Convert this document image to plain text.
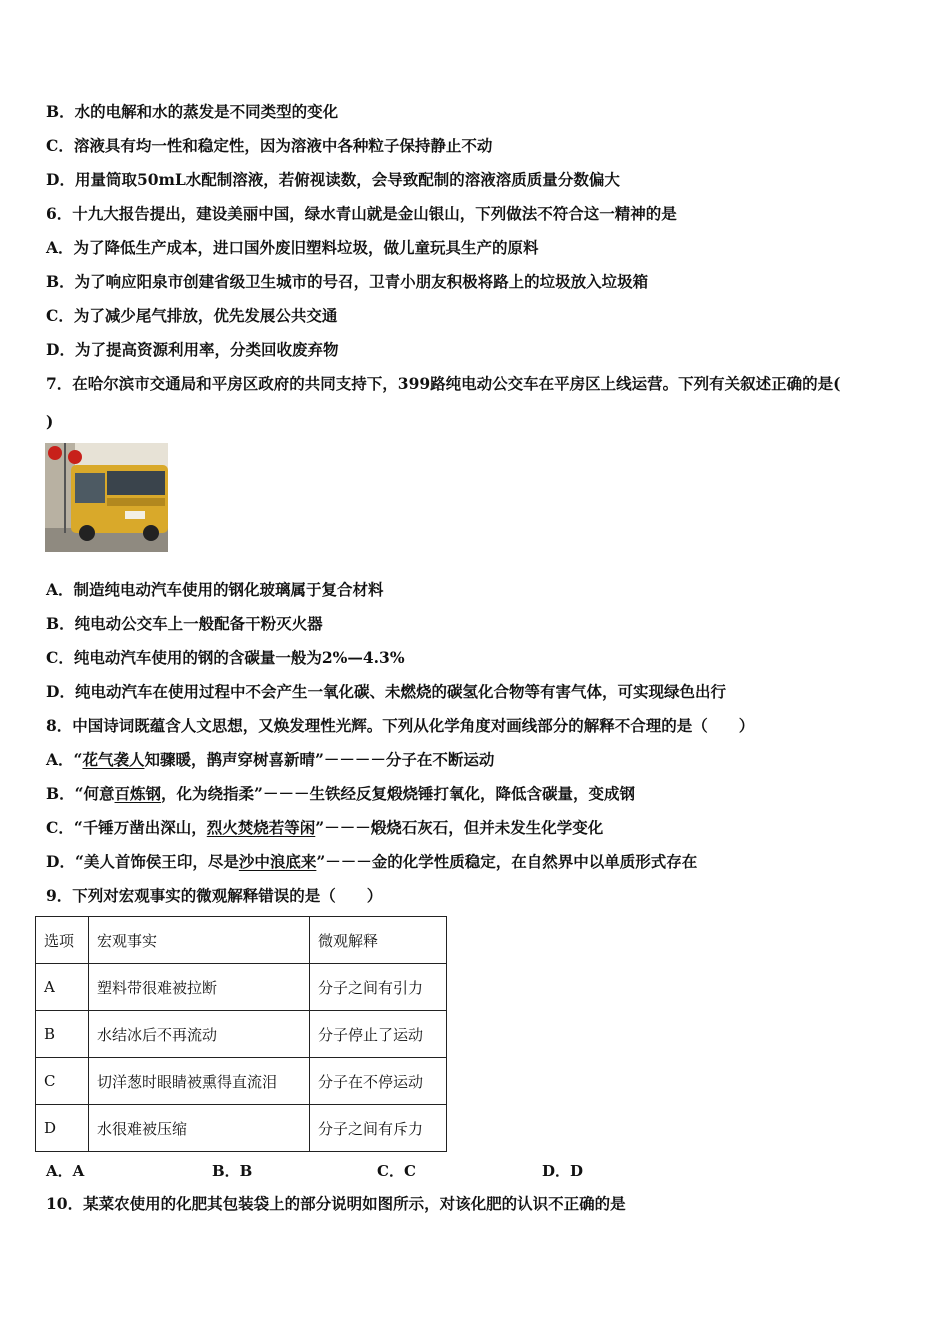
B．水的电解和水的蒸发是不同类型的变化
C．溶液具有均一性和稳定性，因为溶液中各种粒子保持静止不动
D．用量筒取50mL水配制溶液，若俯视读数，会导致配制的溶液溶质质量分数偏大
6．十九大报告提出，建设美丽中国，绿水青山就是金山银山，下列做法不符合这一精神的是
A．为了降低生产成本，进口国外废旧塑料垃圾，做儿童玩具生产的原料
B．为了响应阳泉市创建省级卫生城市的号召，卫青小朋友积极将路上的垃圾放入垃圾箱
C．为了减少尾气排放，优先发展公共交通
D．为了提高资源利用率，分类回收废弃物
7．在哈尔滨市交通局和平房区政府的共同支持下，399路纯电动公交车在平房区上线运营。下列有关叙述正确的是(
)
A．制造纯电动汽车使用的钢化玻璃属于复合材料
B．纯电动公交车上一般配备干粉灭火器
C．纯电动汽车使用的钢的含碳量一般为2%—4.3%
D．纯电动汽车在使用过程中不会产生一氧化碳、未燃烧的碳氢化合物等有害气体，可实现绿色出行
8．中国诗词既蕴含人文思想，又焕发理性光辉。下列从化学角度对画线部分的解释不合理的是（　　）
A．“花气袭人知骤暖，鹊声穿树喜新晴”－－－－分子在不断运动
B．“何意百炼钢，化为绕指柔”－－－生铁经反复煅烧锤打氧化，降低含碳量，变成钢
C．“千锤万凿出深山，烈火焚烧若等闲”－－－煅烧石灰石，但并未发生化学变化
D．“美人首饰侯王印，尽是沙中浪底来”－－－金的化学性质稳定，在自然界中以单质形式存在
9．下列对宏观事实的微观解释错误的是（　　）
选项	宏观事实	微观解释
A	塑料带很难被拉断	分子之间有引力
B	水结冰后不再流动	分子停止了运动
C	切洋葱时眼睛被熏得直流泪	分子在不停运动
D	水很难被压缩	分子之间有斥力
A．A	B．B	C．C	D．D
10．某菜农使用的化肥其包装袋上的部分说明如图所示，对该化肥的认识不正确的是
